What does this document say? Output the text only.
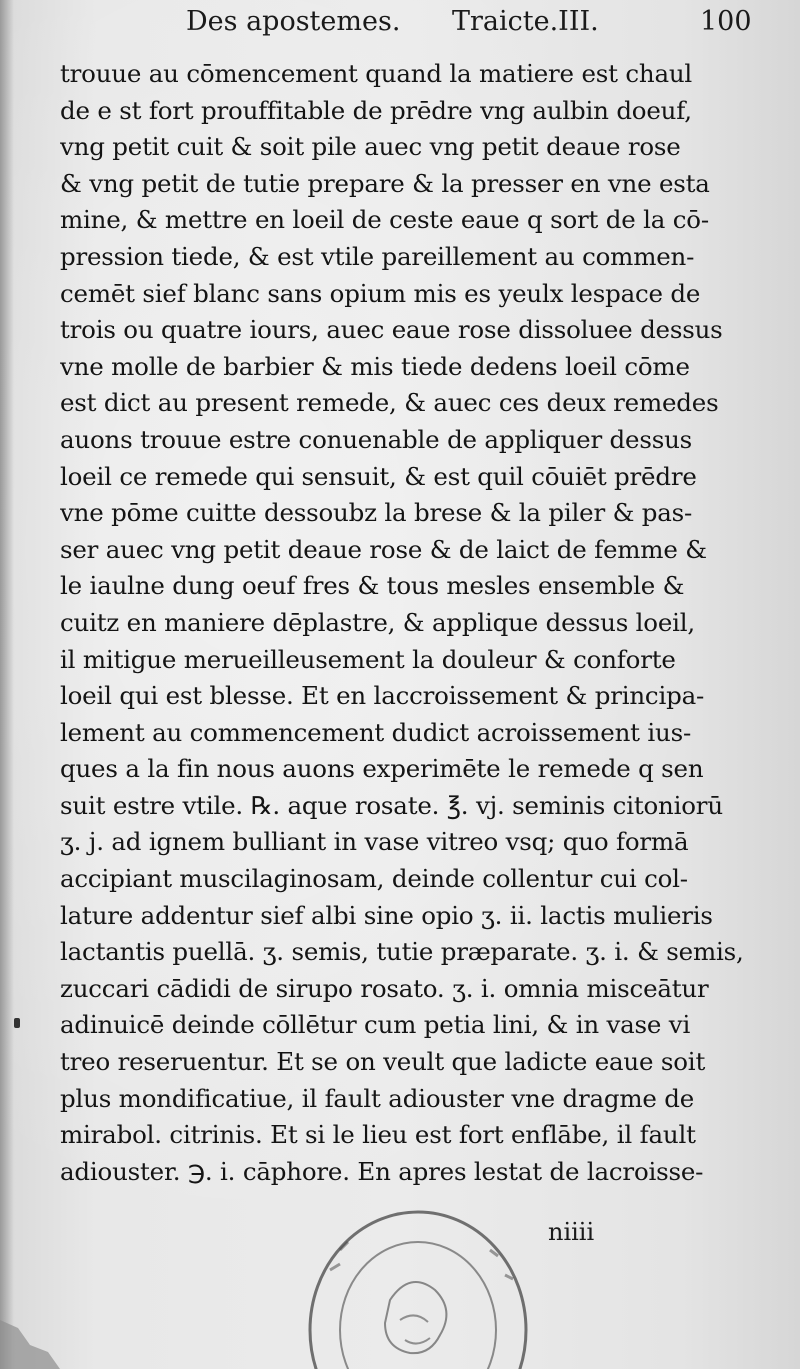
Des apostemes. Traicte.III.	100
trouue au cōmencement quand la matiere est chaul
de e st fort prouffitable de prēdre vng aulbin doeuf,
vng petit cuit & soit pile auec vng petit deaue rose
& vng petit de tutie prepare & la presser en vne esta
mine, & mettre en loeil de ceste eaue q sort de la cō-
pression tiede, & est vtile pareillement au commen-
cemēt sief blanc sans opium mis es yeulx lespace de
trois ou quatre iours, auec eaue rose dissoluee dessus
vne molle de barbier & mis tiede dedens loeil cōme
est dict au present remede, & auec ces deux remedes
auons trouue estre conuenable de appliquer dessus
loeil ce remede qui sensuit, & est quil cōuiēt prēdre
vne pōme cuitte dessoubz la brese & la piler & pas-
ser auec vng petit deaue rose & de laict de femme &
le iaulne dung oeuf fres & tous mesles ensemble &
cuitz en maniere dēplastre, & applique dessus loeil,
il mitigue merueilleusement la douleur & conforte
loeil qui est blesse. Et en laccroissement & principa-
lement au commencement dudict acroissement ius-
ques a la fin nous auons experimēte le remede q sen
suit estre vtile. ℞. aque rosate. ℥. vj. seminis citoniorū
ʒ. j. ad ignem bulliant in vase vitreo vsq; quo formā
accipiant muscilaginosam, deinde collentur cui col-
lature addentur sief albi sine opio ʒ. ii. lactis mulieris
lactantis puellā. ʒ. semis, tutie præparate. ʒ. i. & semis,
zuccari cādidi de sirupo rosato. ʒ. i. omnia misceātur
adinuicē deinde cōllētur cum petia lini, & in vase vi
treo reseruentur. Et se on veult que ladicte eaue soit
plus mondificatiue, il fault adiouster vne dragme de
mirabol. citrinis. Et si le lieu est fort enflābe, il fault
adiouster. ℈. i. cāphore. En apres lestat de lacroisse-
niiii
